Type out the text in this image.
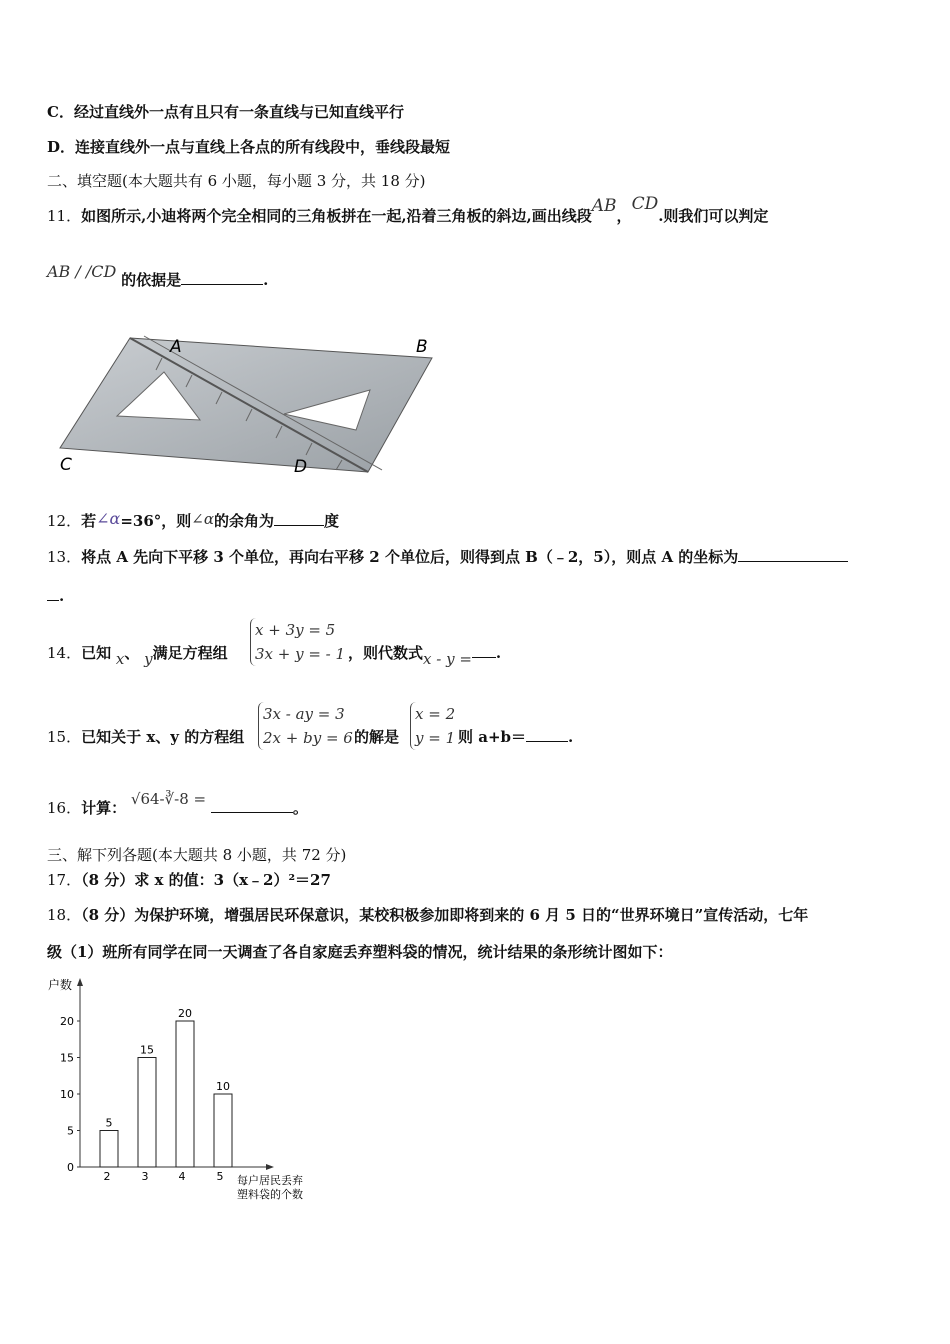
C．经过直线外一点有且只有一条直线与已知直线平行
D．连接直线外一点与直线上各点的所有线段中，垂线段最短
二、填空题(本大题共有 6 小题，每小题 3 分，共 18 分)
11．如图所示,小迪将两个完全相同的三角板拼在一起,沿着三角板的斜边,画出线段AB，CD.则我们可以判定
AB / /CD 的依据是	.
A	B
C	D
12．若∠α=36°，则∠α的余角为	度
13．将点 A 先向下平移 3 个单位，再向右平移 2 个单位后，则得到点 B（﹣2，5），则点 A 的坐标为
.
14．已知 x、 y满足方程组
x + 3y = 5
3x + y = - 1 ，则代数式x - y = .
15．已知关于 x、y 的方程组
3x - ay = 3
2x + by = 6 的解是
x = 2
y = 1 则 a+b＝	.
16．计算： √64-∛-8 =	。
三、解下列各题(本大题共 8 小题，共 72 分)
17．（8 分）求 x 的值：3（x﹣2）²＝27
18．（8 分）为保护环境，增强居民环保意识，某校积极参加即将到来的 6 月 5 日的“世界环境日”宣传活动，七年
级（1）班所有同学在同一天调查了各自家庭丢弃塑料袋的情况，统计结果的条形统计图如下：
户数
每户居民丢弃
塑料袋的个数
0
5
10
15
20
5
2
15
3
20
4
10
5
